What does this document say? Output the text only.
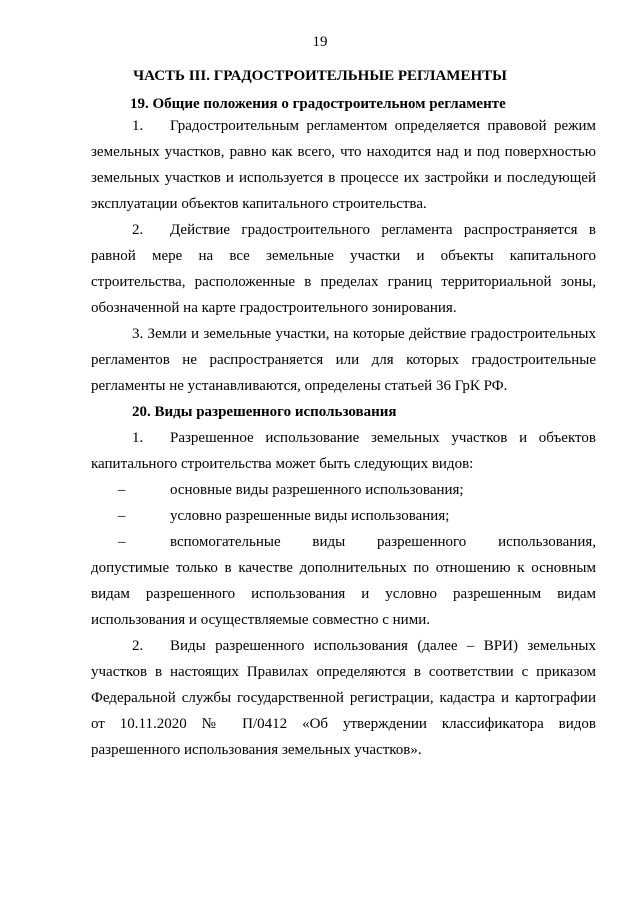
19
ЧАСТЬ III. ГРАДОСТРОИТЕЛЬНЫЕ РЕГЛАМЕНТЫ
19. Общие положения о градостроительном регламенте
1. Градостроительным регламентом определяется правовой режим
земельных участков, равно как всего, что находится над и под поверхностью
земельных участков и используется в процессе их застройки и последующей
эксплуатации объектов капитального строительства.
2. Действие градостроительного регламента распространяется в
равной мере на все земельные участки и объекты капитального
строительства, расположенные в пределах границ территориальной зоны,
обозначенной на карте градостроительного зонирования.
3. Земли и земельные участки, на которые действие градостроительных
регламентов не распространяется или для которых градостроительные
регламенты не устанавливаются, определены статьей 36 ГрК РФ.
20. Виды разрешенного использования
1. Разрешенное использование земельных участков и объектов
капитального строительства может быть следующих видов:
–	основные виды разрешенного использования;
–	условно разрешенные виды использования;
–	вспомогательные виды разрешенного использования,
допустимые только в качестве дополнительных по отношению к основным
видам разрешенного использования и условно разрешенным видам
использования и осуществляемые совместно с ними.
2. Виды разрешенного использования (далее – ВРИ) земельных
участков в настоящих Правилах определяются в соответствии с приказом
Федеральной службы государственной регистрации, кадастра и картографии
от 10.11.2020 № П/0412 «Об утверждении классификатора видов
разрешенного использования земельных участков».
